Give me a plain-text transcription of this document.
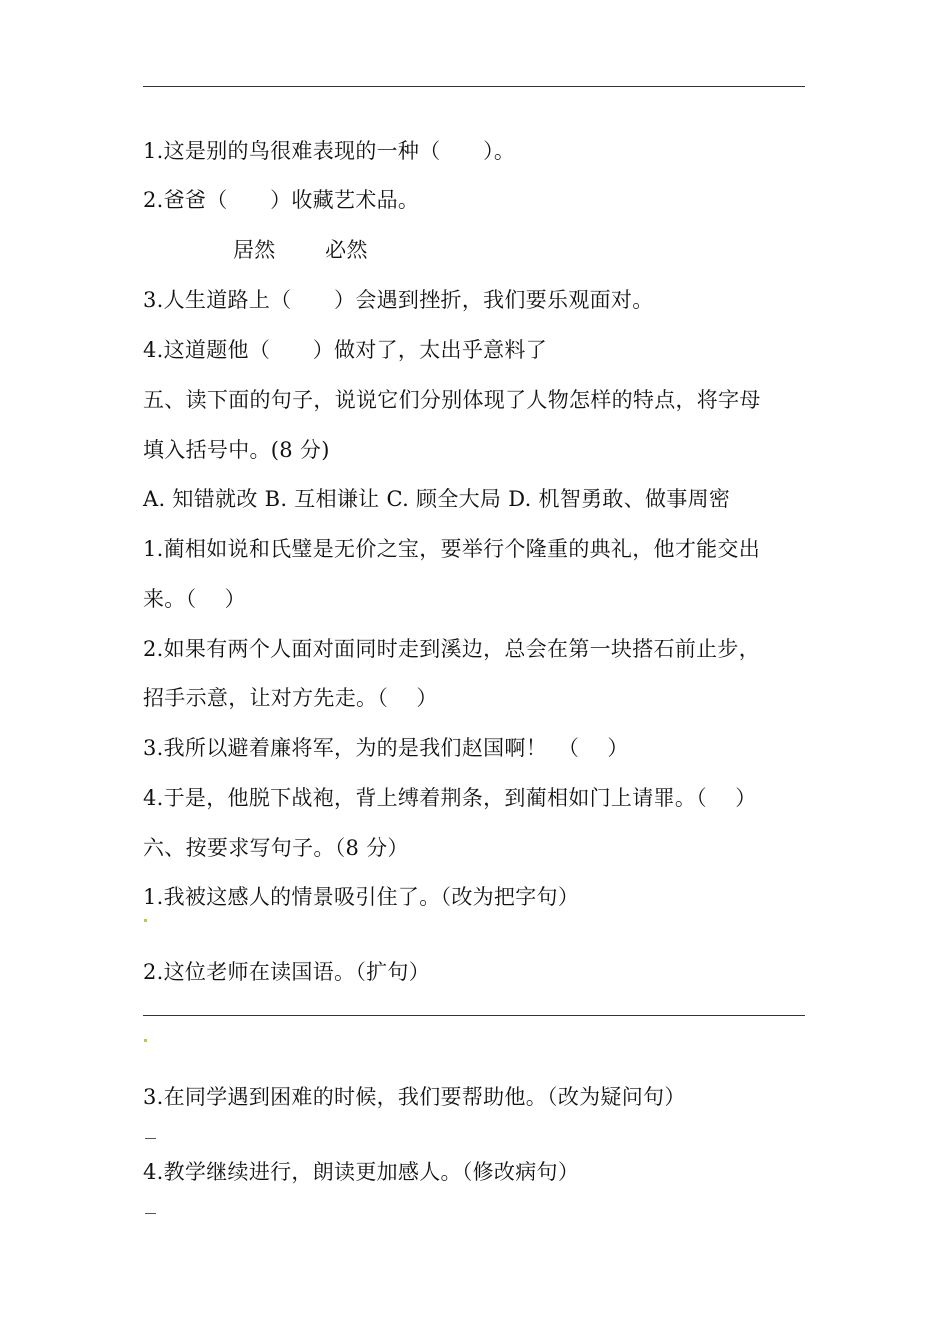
1.这是别的鸟很难表现的一种（　　）。
2.爸爸（　　）收藏艺术品。
居然　　 必然
3.人生道路上（　　）会遇到挫折，我们要乐观面对。
4.这道题他（　　）做对了，太出乎意料了
五、读下面的句子，说说它们分别体现了人物怎样的特点，将字母
填入括号中。(8 分)
A. 知错就改 B. 互相谦让 C. 顾全大局 D. 机智勇敢、做事周密
1.蔺相如说和氏璧是无价之宝，要举行个隆重的典礼，他才能交出
来。（　 ）
2.如果有两个人面对面同时走到溪边，总会在第一块搭石前止步，
招手示意，让对方先走。（　 ）
3.我所以避着廉将军，为的是我们赵国啊！　（　 ）
4.于是，他脱下战袍，背上缚着荆条，到蔺相如门上请罪。（　 ）
六、按要求写句子。（8 分）
1.我被这感人的情景吸引住了。（改为把字句）
2.这位老师在读国语。（扩句）
3.在同学遇到困难的时候，我们要帮助他。（改为疑问句）
4.教学继续进行，朗读更加感人。（修改病句）
